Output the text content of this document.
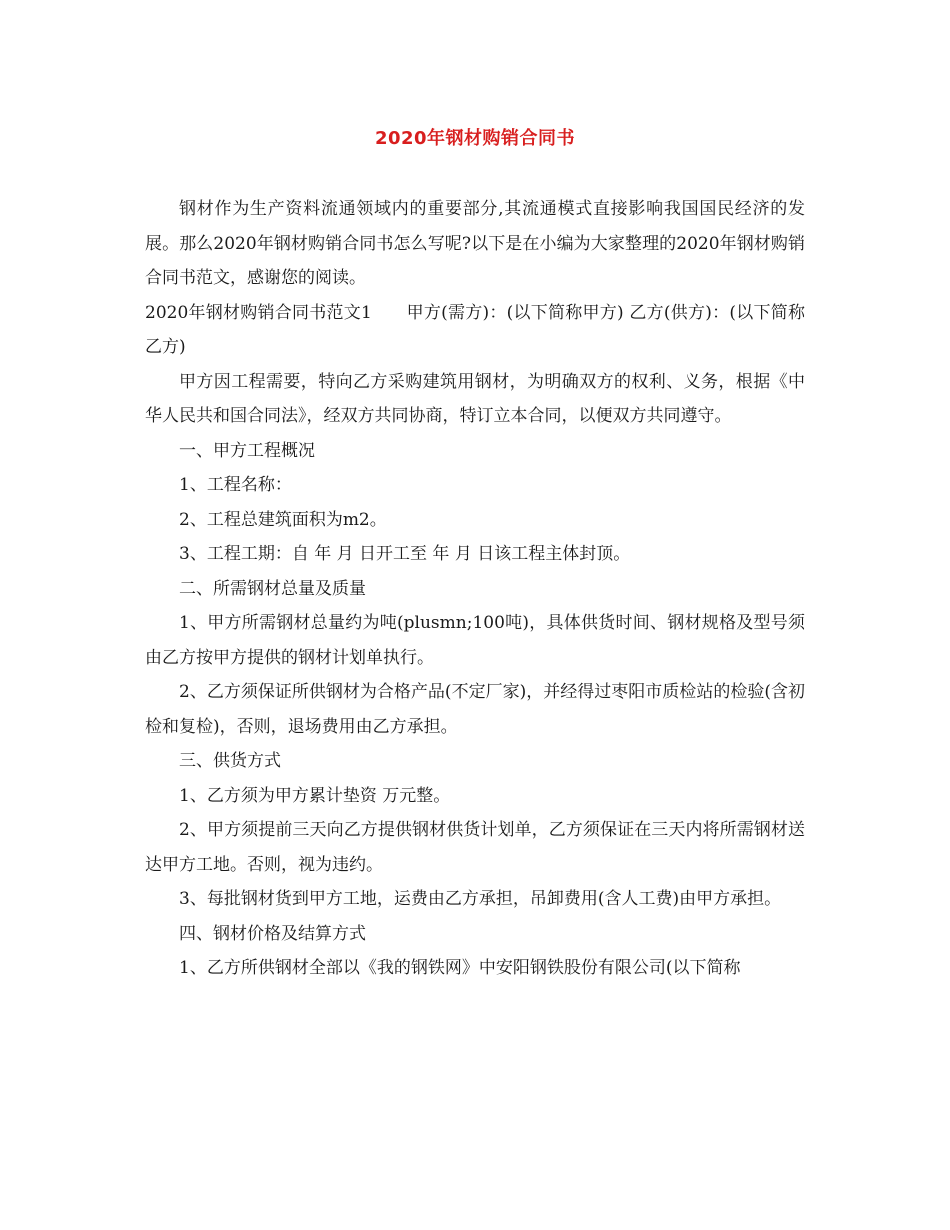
2020年钢材购销合同书

钢材作为生产资料流通领域内的重要部分,其流通模式直接影响我国国民经济的发展。那么2020年钢材购销合同书怎么写呢?以下是在小编为大家整理的2020年钢材购销合同书范文，感谢您的阅读。

2020年钢材购销合同书范文1　　甲方(需方)：(以下简称甲方) 乙方(供方)：(以下简称乙方)

甲方因工程需要，特向乙方采购建筑用钢材，为明确双方的权利、义务，根据《中华人民共和国合同法》，经双方共同协商，特订立本合同，以便双方共同遵守。

一、甲方工程概况

1、工程名称：

2、工程总建筑面积为m2。

3、工程工期：自 年 月 日开工至 年 月 日该工程主体封顶。

二、所需钢材总量及质量

1、甲方所需钢材总量约为吨(plusmn;100吨)，具体供货时间、钢材规格及型号须由乙方按甲方提供的钢材计划单执行。

2、乙方须保证所供钢材为合格产品(不定厂家)，并经得过枣阳市质检站的检验(含初检和复检)，否则，退场费用由乙方承担。

三、供货方式

1、乙方须为甲方累计垫资 万元整。

2、甲方须提前三天向乙方提供钢材供货计划单，乙方须保证在三天内将所需钢材送达甲方工地。否则，视为违约。

3、每批钢材货到甲方工地，运费由乙方承担，吊卸费用(含人工费)由甲方承担。

四、钢材价格及结算方式

1、乙方所供钢材全部以《我的钢铁网》中安阳钢铁股份有限公司(以下简称
